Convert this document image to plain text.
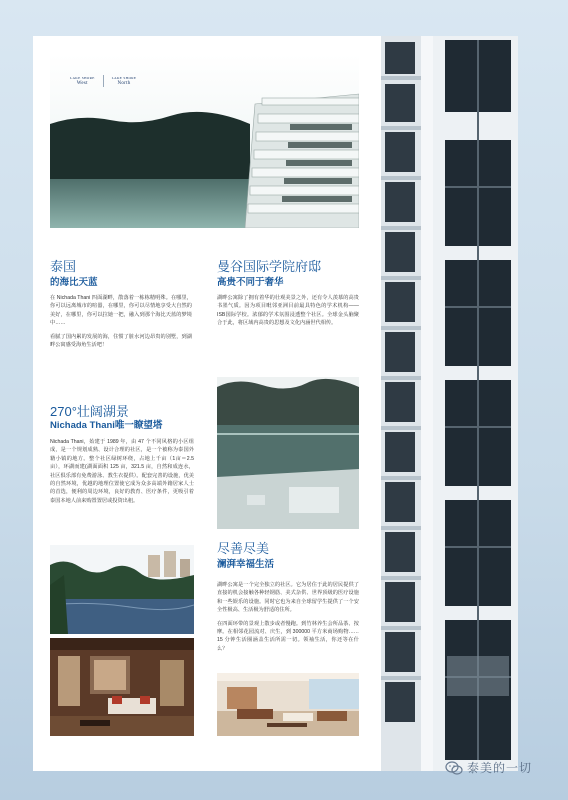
LAKE SHORE
West
LAKE SHORE
North
泰国
的海比天蓝

在 Nichada Thani 四面湖畔，散落着一栋栋精明殊。在哪里，你可以远离城市的喧嚣，在哪里，你可以尽情地享受大自然的美好，在哪里，你可以拉她一把，融入到那个海比天蓝的梦境中……

看腻了国内累的发展的海，住惯了脏水河边昂贵的别墅，到湖畔公寓感受海角生活吧！

曼谷国际学院府邸
高贵不同于奢华

湖畔公寓除了拥有着华的壮观美景之外，还有令人羡慕的高贵书墨气质。因为项目毗邻亚洲目前最具特色的学术机构——ISB国际学校。浓郁的学术氛围浸透整个社区。全球金头脑聚合于此，将区域内高贵的思想及文化内涵世代相传。

270°壮阔湖景
Nichada Thani唯一瞭望塔

Nichada Thani，始建于 1989 年，由 47 个不同风格的小区组成，是一个规划成熟、设计合理的社区，是一个被称为泰国外籍小镇的地方。整个社区绿树环绕，占地上千亩（1亩＝2.5 亩），环湖而建(湖面面积 125 亩，321.5 亩，自然和成连水，社区俱乐部有免费游泳、教生衣提供）。配套完善的设施，优美的自然环境，优越的地理位置使它成为众多高端外籍居家人士的首选，便利的周边环境，良好的教育、医疗条件，更吸引着泰国本地人前来购置置居或投资出租。

尽善尽美
澜湃幸福生活

湖畔公寓是一个完全独立的社区。它为居住于此的居民提供了直接的机会接触各种轻钢筋、美式杂供、世界顶级的医疗设施和一些娱乐的设施。同时它也为来自全球留学生提供了一个安全性极高、生活极为舒适的住所。

在四面环带的景观上散步或者慢跑。到竹林养生会所品茶、按摩。在相邻花园流对、庆生，到 300000 平方米商场购物……15 分钟生活圈涵盖生活所需一切。领袖生活，你还等在什么？

泰美的一切
